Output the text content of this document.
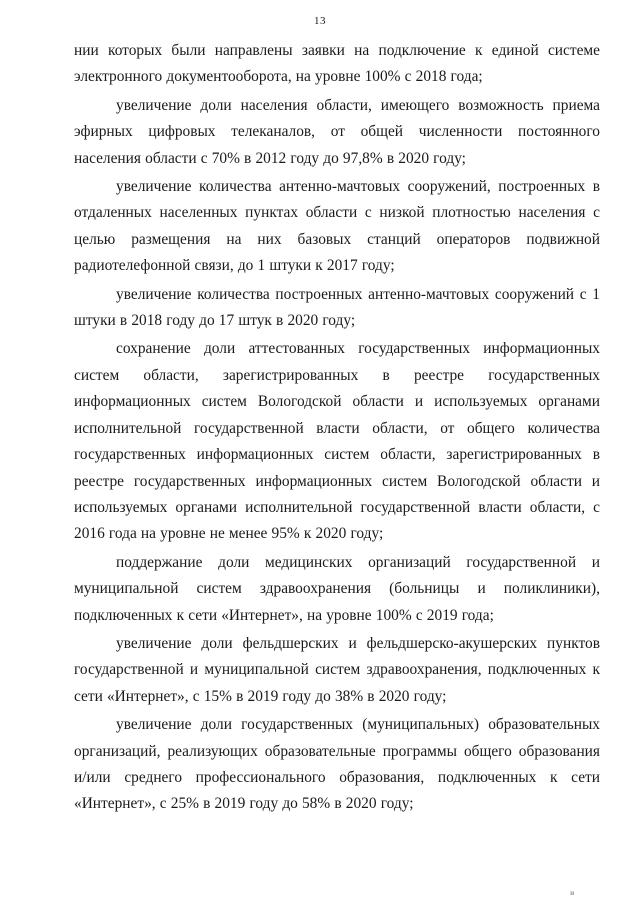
13

нии которых были направлены заявки на подключение к единой системе электронного документооборота, на уровне 100% с 2018 года;

увеличение доли населения области, имеющего возможность приема эфирных цифровых телеканалов, от общей численности постоянного населения области с 70% в 2012 году до 97,8% в 2020 году;

увеличение количества антенно-мачтовых сооружений, построенных в отдаленных населенных пунктах области с низкой плотностью населения с целью размещения на них базовых станций операторов подвижной радиотелефонной связи, до 1 штуки к 2017 году;

увеличение количества построенных антенно-мачтовых сооружений с 1 штуки в 2018 году до 17 штук в 2020 году;

сохранение доли аттестованных государственных информационных систем области, зарегистрированных в реестре государственных информационных систем Вологодской области и используемых органами исполнительной государственной власти области, от общего количества государственных информационных систем области, зарегистрированных в реестре государственных информационных систем Вологодской области и используемых органами исполнительной государственной власти области, с 2016 года на уровне не менее 95% к 2020 году;

поддержание доли медицинских организаций государственной и муниципальной систем здравоохранения (больницы и поликлиники), подключенных к сети «Интернет», на уровне 100% с 2019 года;

увеличение доли фельдшерских и фельдшерско-акушерских пунктов государственной и муниципальной систем здравоохранения, подключенных к сети «Интернет», с 15% в 2019 году до 38% в 2020 году;

увеличение доли государственных (муниципальных) образовательных организаций, реализующих образовательные программы общего образования и/или среднего профессионального образования, подключенных к сети «Интернет», с 25% в 2019 году до 58% в 2020 году;

и
